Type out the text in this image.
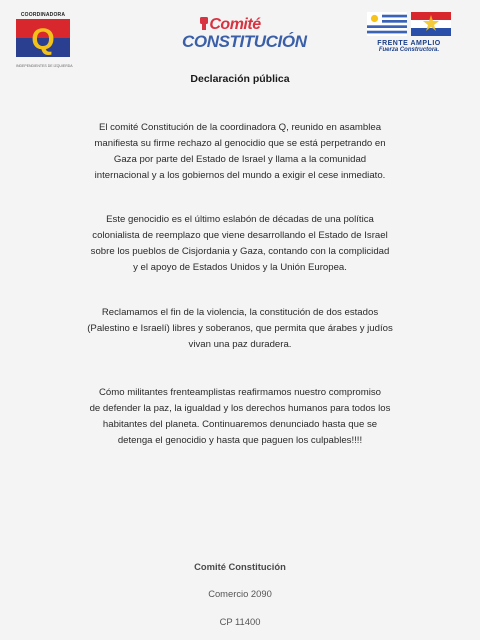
COORDINADORA
Q
INDEPENDIENTES DE IZQUIERDA
Comité
CONSTITUCIÓN	FRENTE AMPLIO
Fuerza Constructora.
Declaración pública
El comité Constitución de la coordinadora Q, reunido en asamblea
manifiesta su firme rechazo al genocidio que se está perpetrando en
Gaza por parte del Estado de Israel y llama a la comunidad
internacional y a los gobiernos del mundo a exigir el cese inmediato.
Este genocidio es el último eslabón de décadas de una política
colonialista de reemplazo que viene desarrollando el Estado de Israel
sobre los pueblos de Cisjordania y Gaza, contando con la complicidad
y el apoyo de Estados Unidos y la Unión Europea.
Reclamamos el fin de la violencia, la constitución de dos estados
(Palestino e Israelí) libres y soberanos, que permita que árabes y judíos
vivan una paz duradera.
Cómo militantes frenteamplistas reafirmamos nuestro compromiso
de defender la paz, la igualdad y los derechos humanos para todos los
habitantes del planeta. Continuaremos denunciado hasta que se
detenga el genocidio y hasta que paguen los culpables!!!!
Comité Constitución
Comercio 2090
CP 11400
